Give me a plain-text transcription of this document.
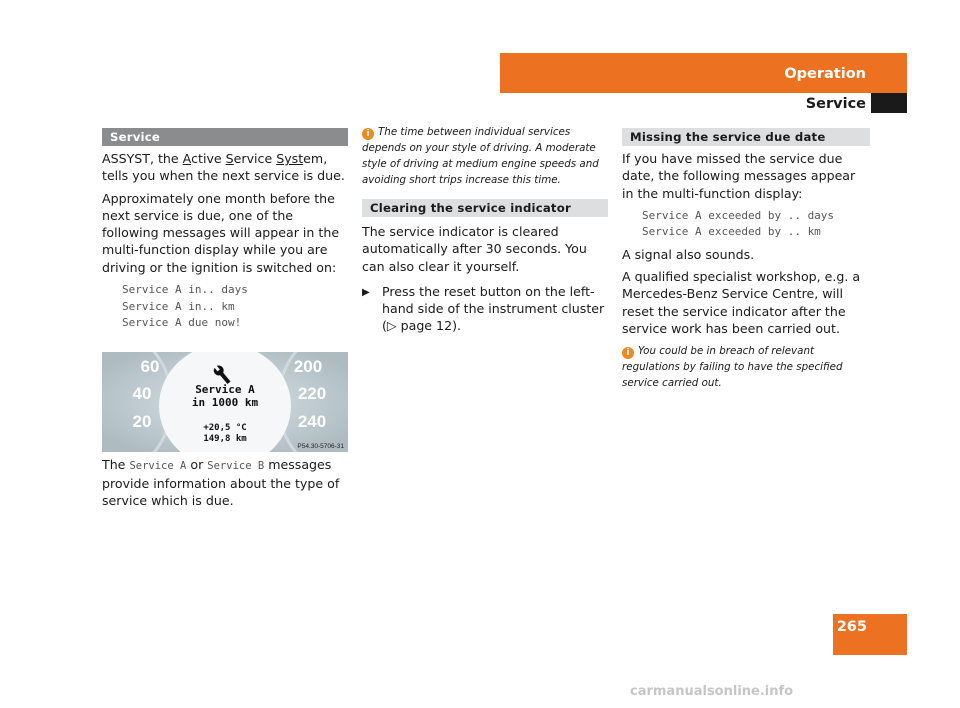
Operation
Service
Service

ASSYST, the Active Service System, tells you when the next service is due.

Approximately one month before the next service is due, one of the following messages will appear in the multi-function display while you are driving or the ignition is switched on:

Service A in.. days
Service A in.. km
Service A due now!
60
40
20
200
220
240
Service A
in 1000 km
+20,5 °C
149,8 km
P54.30-5706-31

The Service A or Service B messages provide information about the type of service which is due.

i The time between individual services depends on your style of driving. A moderate style of driving at medium engine speeds and avoiding short trips increase this time.

Clearing the service indicator

The service indicator is cleared automatically after 30 seconds. You can also clear it yourself.

▶ Press the reset button on the left-hand side of the instrument cluster
(▷ page 12).
Missing the service due date

If you have missed the service due date, the following messages appear in the multi-function display:

Service A exceeded by .. days
Service A exceeded by .. km

A signal also sounds.

A qualified specialist workshop, e.g. a Mercedes-Benz Service Centre, will reset the service indicator after the service work has been carried out.

i You could be in breach of relevant regulations by failing to have the specified service carried out.

265
carmanualsonline.info
